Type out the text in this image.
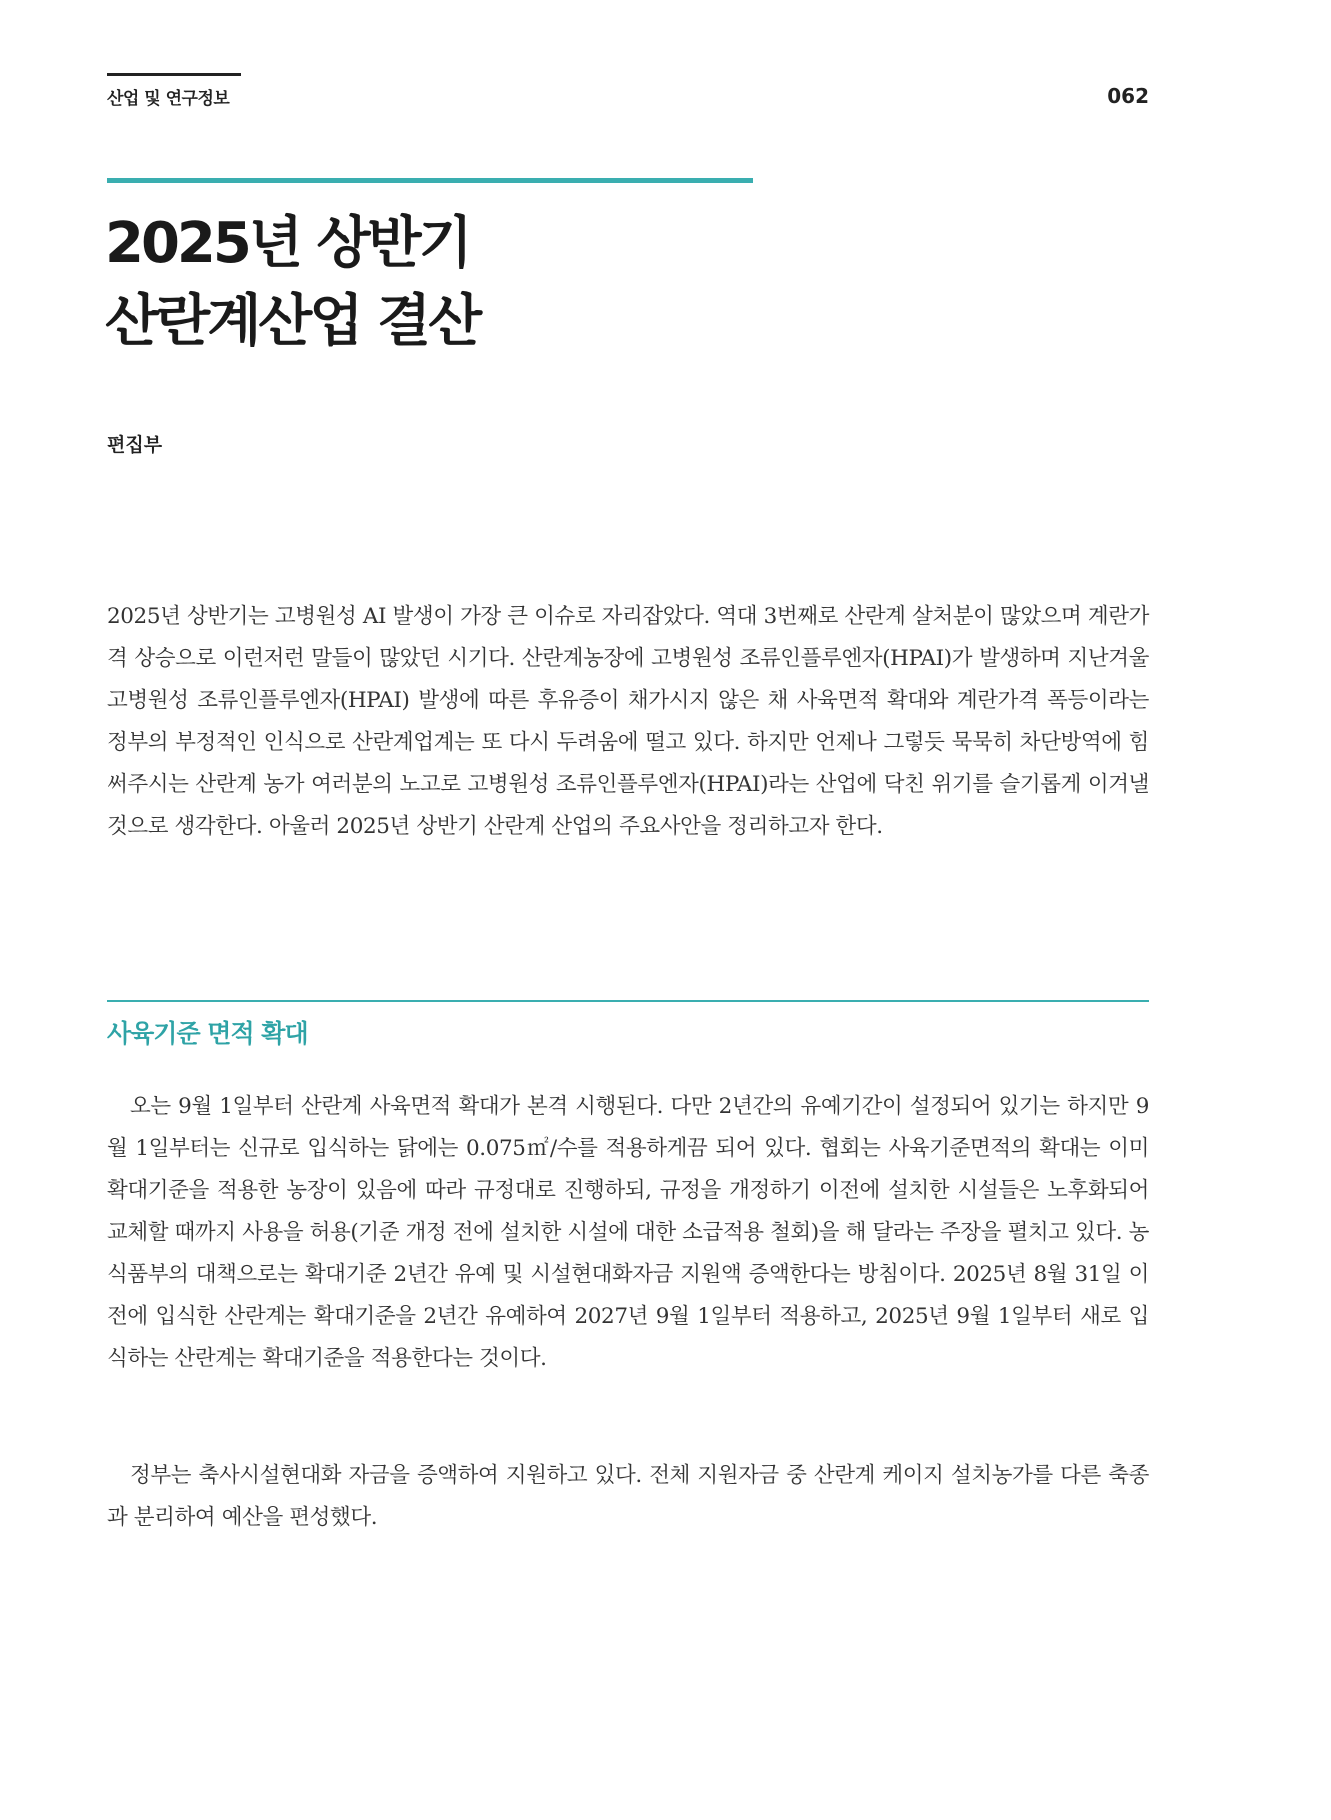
산업 및 연구정보	062
2025년 상반기
산란계산업 결산
편집부

2025년 상반기는 고병원성 AI 발생이 가장 큰 이슈로 자리잡았다. 역대 3번째로 산란계 살처분이 많았으며 계란가격 상승으로 이런저런 말들이 많았던 시기다. 산란계농장에 고병원성 조류인플루엔자(HPAI)가 발생하며 지난겨울 고병원성 조류인플루엔자(HPAI) 발생에 따른 후유증이 채가시지 않은 채 사육면적 확대와 계란가격 폭등이라는 정부의 부정적인 인식으로 산란계업계는 또 다시 두려움에 떨고 있다. 하지만 언제나 그렇듯 묵묵히 차단방역에 힘써주시는 산란계 농가 여러분의 노고로 고병원성 조류인플루엔자(HPAI)라는 산업에 닥친 위기를 슬기롭게 이겨낼 것으로 생각한다. 아울러 2025년 상반기 산란계 산업의 주요사안을 정리하고자 한다.

사육기준 면적 확대

오는 9월 1일부터 산란계 사육면적 확대가 본격 시행된다. 다만 2년간의 유예기간이 설정되어 있기는 하지만 9월 1일부터는 신규로 입식하는 닭에는 0.075㎡/수를 적용하게끔 되어 있다. 협회는 사육기준면적의 확대는 이미 확대기준을 적용한 농장이 있음에 따라 규정대로 진행하되, 규정을 개정하기 이전에 설치한 시설들은 노후화되어 교체할 때까지 사용을 허용(기준 개정 전에 설치한 시설에 대한 소급적용 철회)을 해 달라는 주장을 펼치고 있다. 농식품부의 대책으로는 확대기준 2년간 유예 및 시설현대화자금 지원액 증액한다는 방침이다. 2025년 8월 31일 이전에 입식한 산란계는 확대기준을 2년간 유예하여 2027년 9월 1일부터 적용하고, 2025년 9월 1일부터 새로 입식하는 산란계는 확대기준을 적용한다는 것이다.

정부는 축사시설현대화 자금을 증액하여 지원하고 있다. 전체 지원자금 중 산란계 케이지 설치농가를 다른 축종과 분리하여 예산을 편성했다.
